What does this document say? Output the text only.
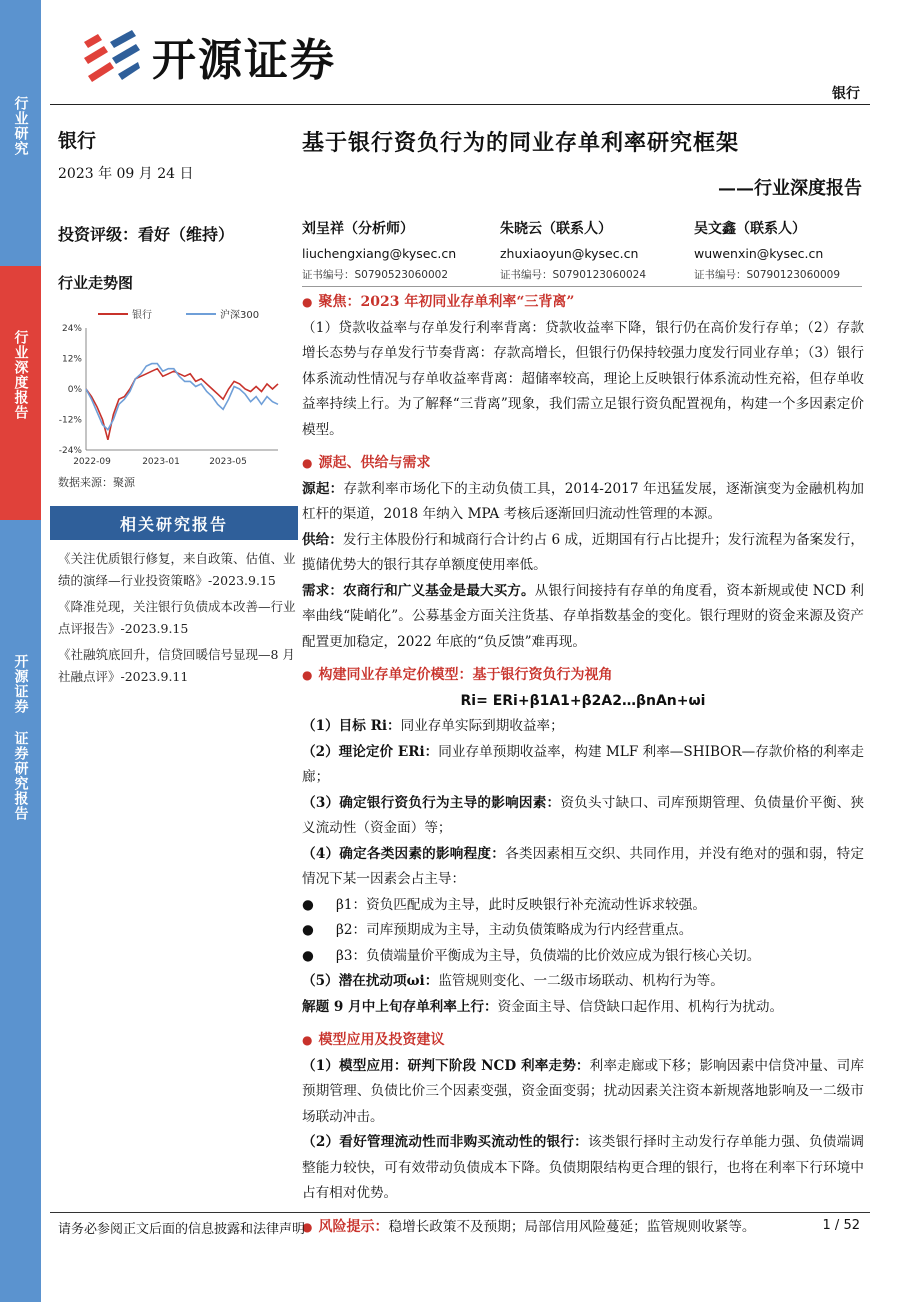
行业研究
行业深度报告
开源证券 证券研究报告
开源证券
银行
银行
2023 年 09 月 24 日
投资评级：看好（维持）
行业走势图
24%
12%
0%
-12%
-24%
2022-09	2023-01	2023-05
银行	沪深300
数据来源：聚源
相关研究报告
《关注优质银行修复，来自政策、估值、业绩的演绎—行业投资策略》-2023.9.15
《降准兑现，关注银行负债成本改善—行业点评报告》-2023.9.15
《社融筑底回升，信贷回暖信号显现—8 月社融点评》-2023.9.11
基于银行资负行为的同业存单利率研究框架
——行业深度报告
刘呈祥（分析师）
liuchengxiang@kysec.cn
证书编号：S0790523060002
朱晓云（联系人）
zhuxiaoyun@kysec.cn
证书编号：S0790123060024
吴文鑫（联系人）
wuwenxin@kysec.cn
证书编号：S0790123060009
● 聚焦：2023 年初同业存单利率“三背离”
（1）贷款收益率与存单发行利率背离：贷款收益率下降，银行仍在高价发行存单；（2）存款增长态势与存单发行节奏背离：存款高增长，但银行仍保持较强力度发行同业存单；（3）银行体系流动性情况与存单收益率背离：超储率较高，理论上反映银行体系流动性充裕，但存单收益率持续上行。为了解释“三背离”现象，我们需立足银行资负配置视角，构建一个多因素定价模型。
● 源起、供给与需求
源起：存款利率市场化下的主动负债工具，2014-2017 年迅猛发展，逐渐演变为金融机构加杠杆的渠道，2018 年纳入 MPA 考核后逐渐回归流动性管理的本源。
供给：发行主体股份行和城商行合计约占 6 成，近期国有行占比提升；发行流程为备案发行，揽储优势大的银行其存单额度使用率低。
需求：农商行和广义基金是最大买方。从银行间接持有存单的角度看，资本新规或使 NCD 利率曲线“陡峭化”。公募基金方面关注货基、存单指数基金的变化。银行理财的资金来源及资产配置更加稳定，2022 年底的“负反馈”难再现。
● 构建同业存单定价模型：基于银行资负行为视角
Ri= ERi+β1A1+β2A2…βnAn+ωi
（1）目标 Ri：同业存单实际到期收益率；
（2）理论定价 ERi：同业存单预期收益率，构建 MLF 利率—SHIBOR—存款价格的利率走廊；
（3）确定银行资负行为主导的影响因素：资负头寸缺口、司库预期管理、负债量价平衡、狭义流动性（资金面）等；
（4）确定各类因素的影响程度：各类因素相互交织、共同作用，并没有绝对的强和弱，特定情况下某一因素会占主导：
●	β1：资负匹配成为主导，此时反映银行补充流动性诉求较强。
●	β2：司库预期成为主导，主动负债策略成为行内经营重点。
●	β3：负债端量价平衡成为主导，负债端的比价效应成为银行核心关切。
（5）潜在扰动项ωi：监管规则变化、一二级市场联动、机构行为等。
解题 9 月中上旬存单利率上行：资金面主导、信贷缺口起作用、机构行为扰动。
● 模型应用及投资建议
（1）模型应用：研判下阶段 NCD 利率走势：利率走廊或下移；影响因素中信贷冲量、司库预期管理、负债比价三个因素变强，资金面变弱；扰动因素关注资本新规落地影响及一二级市场联动冲击。
（2）看好管理流动性而非购买流动性的银行：该类银行择时主动发行存单能力强、负债端调整能力较快，可有效带动负债成本下降。负债期限结构更合理的银行，也将在利率下行环境中占有相对优势。
● 风险提示：稳增长政策不及预期；局部信用风险蔓延；监管规则收紧等。
请务必参阅正文后面的信息披露和法律声明	1 / 52
